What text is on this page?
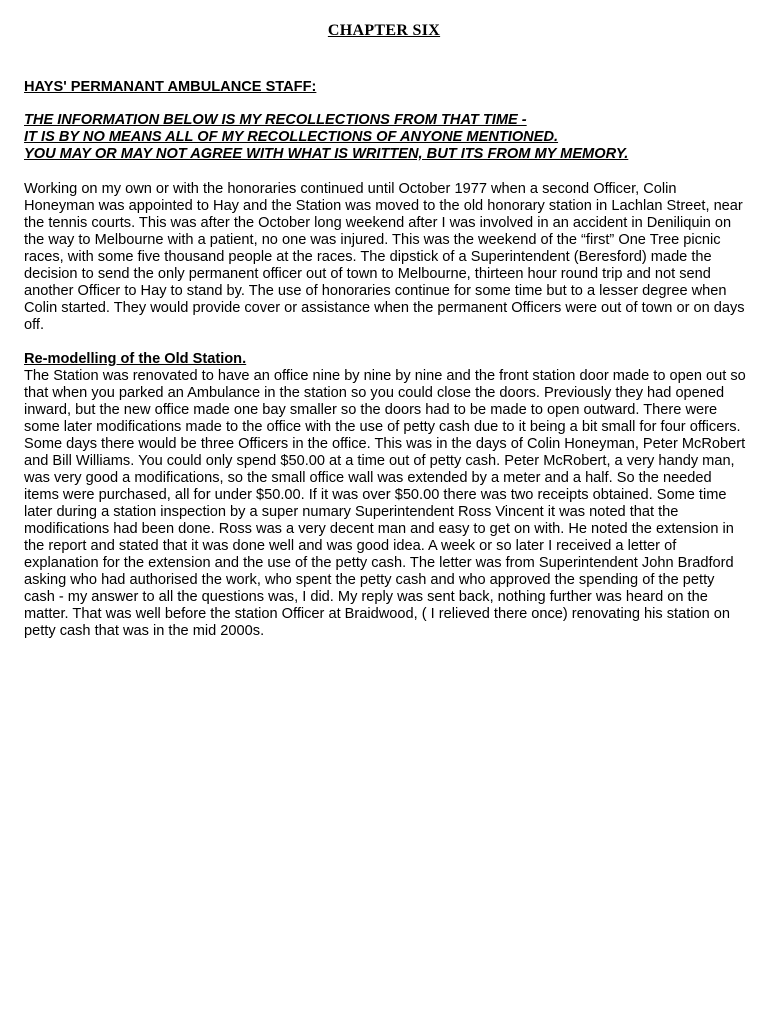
CHAPTER SIX

HAYS' PERMANANT AMBULANCE STAFF:

THE INFORMATION BELOW IS MY RECOLLECTIONS FROM THAT TIME -
IT IS BY NO MEANS ALL OF MY RECOLLECTIONS OF ANYONE MENTIONED.
YOU MAY OR MAY NOT AGREE WITH WHAT IS WRITTEN, BUT ITS FROM MY MEMORY.

Working on my own or with the honoraries continued until October 1977 when a second Officer, Colin Honeyman was appointed to Hay and the Station was moved to the old honorary station in Lachlan Street, near the tennis courts. This was after the October long weekend after I was involved in an accident in Deniliquin on the way to Melbourne with a patient, no one was injured. This was the weekend of the “first” One Tree picnic races, with some five thousand people at the races. The dipstick of a Superintendent (Beresford) made the decision to send the only permanent officer out of town to Melbourne, thirteen hour round trip and not send another Officer to Hay to stand by. The use of honoraries continue for some time but to a lesser degree when Colin started. They would provide cover or assistance when the permanent Officers were out of town or on days off.

Re-modelling of the Old Station.

The Station was renovated to have an office nine by nine by nine and the front station door made to open out so that when you parked an Ambulance in the station so you could close the doors. Previously they had opened inward, but the new office made one bay smaller so the doors had to be made to open outward. There were some later modifications made to the office with the use of petty cash due to it being a bit small for four officers. Some days there would be three Officers in the office. This was in the days of Colin Honeyman, Peter McRobert and Bill Williams. You could only spend $50.00 at a time out of petty cash. Peter McRobert, a very handy man, was very good a modifications, so the small office wall was extended by a meter and a half. So the needed items were purchased, all for under $50.00. If it was over $50.00 there was two receipts obtained. Some time later during a station inspection by a super numary Superintendent Ross Vincent it was noted that the modifications had been done. Ross was a very decent man and easy to get on with. He noted the extension in the report and stated that it was done well and was good idea. A week or so later I received a letter of explanation for the extension and the use of the petty cash. The letter was from Superintendent John Bradford asking who had authorised the work, who spent the petty cash and who approved the spending of the petty cash - my answer to all the questions was, I did. My reply was sent back, nothing further was heard on the matter. That was well before the station Officer at Braidwood, ( I relieved there once) renovating his station on petty cash that was in the mid 2000s.
